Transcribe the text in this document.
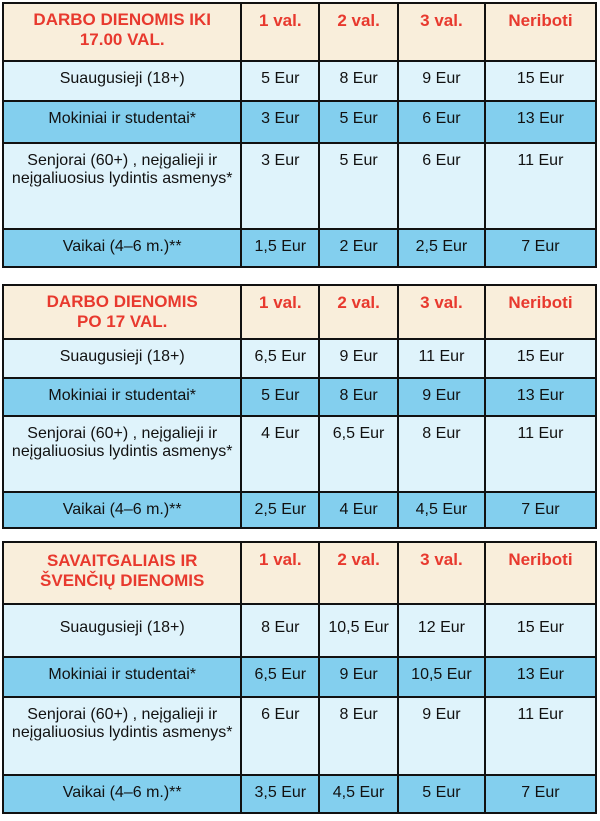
DARBO DIENOMIS IKI 17.00 VAL.	1 val.	2 val.	3 val.	Neriboti
Suaugusieji (18+)	5 Eur	8 Eur	9 Eur	15 Eur
Mokiniai ir studentai*	3 Eur	5 Eur	6 Eur	13 Eur
Senjorai (60+) , neįgalieji ir neįgaliuosius lydintis asmenys*	3 Eur	5 Eur	6 Eur	11 Eur
Vaikai (4–6 m.)**	1,5 Eur	2 Eur	2,5 Eur	7 Eur
DARBO DIENOMIS PO 17 VAL.	1 val.	2 val.	3 val.	Neriboti
Suaugusieji (18+)	6,5 Eur	9 Eur	11 Eur	15 Eur
Mokiniai ir studentai*	5 Eur	8 Eur	9 Eur	13 Eur
Senjorai (60+) , neįgalieji ir neįgaliuosius lydintis asmenys*	4 Eur	6,5 Eur	8 Eur	11 Eur
Vaikai (4–6 m.)**	2,5 Eur	4 Eur	4,5 Eur	7 Eur
SAVAITGALIAIS IR ŠVENČIŲ DIENOMIS	1 val.	2 val.	3 val.	Neriboti
Suaugusieji (18+)	8 Eur	10,5 Eur	12 Eur	15 Eur
Mokiniai ir studentai*	6,5 Eur	9 Eur	10,5 Eur	13 Eur
Senjorai (60+) , neįgalieji ir neįgaliuosius lydintis asmenys*	6 Eur	8 Eur	9 Eur	11 Eur
Vaikai (4–6 m.)**	3,5 Eur	4,5 Eur	5 Eur	7 Eur
